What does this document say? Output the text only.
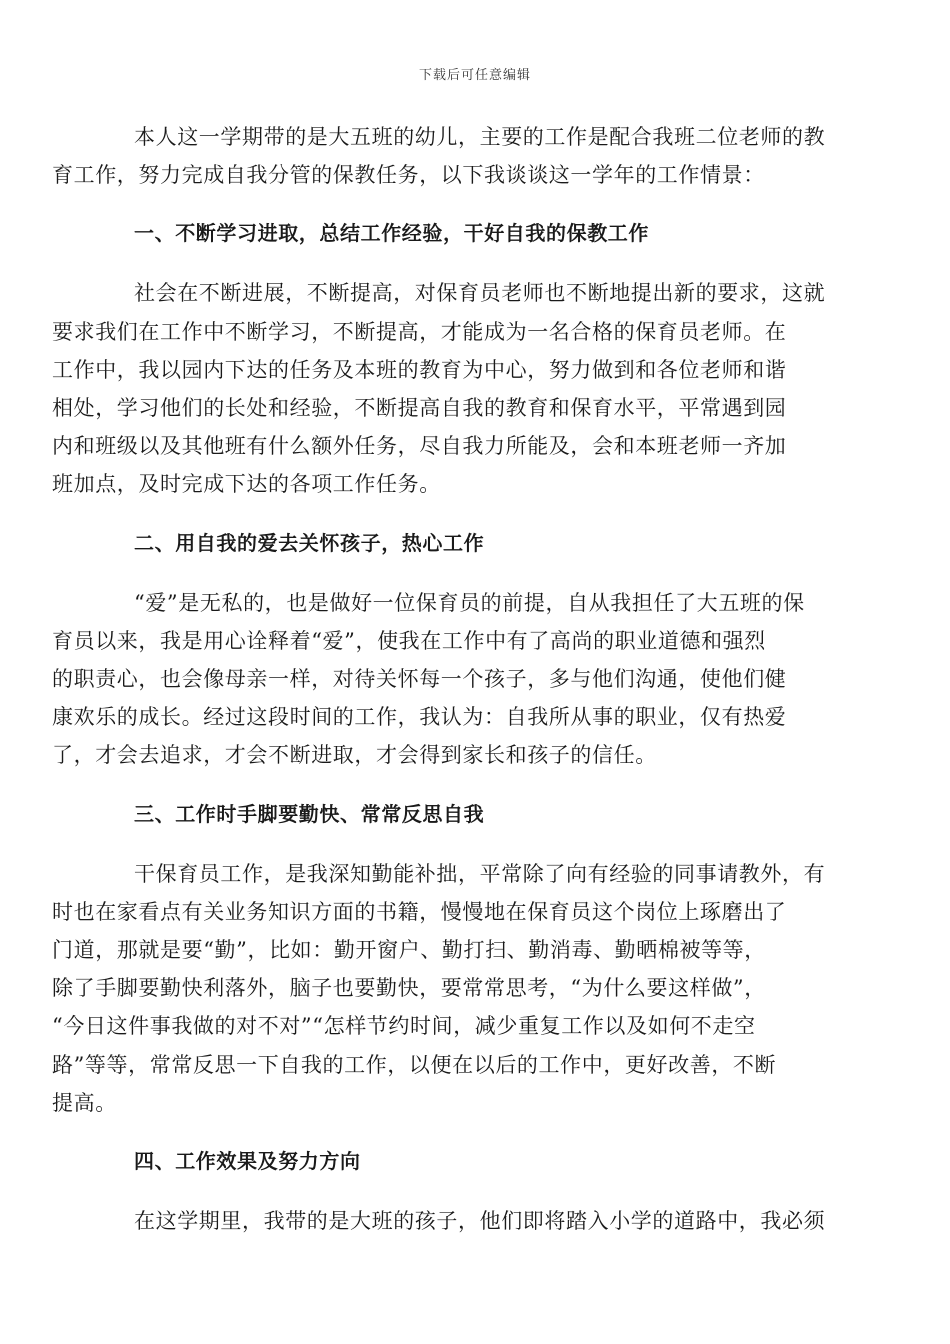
下载后可任意编辑

本人这一学期带的是大五班的幼儿，主要的工作是配合我班二位老师的教
育工作，努力完成自我分管的保教任务，以下我谈谈这一学年的工作情景：

一、不断学习进取，总结工作经验，干好自我的保教工作

社会在不断进展，不断提高，对保育员老师也不断地提出新的要求，这就
要求我们在工作中不断学习，不断提高，才能成为一名合格的保育员老师。在
工作中，我以园内下达的任务及本班的教育为中心，努力做到和各位老师和谐
相处，学习他们的长处和经验，不断提高自我的教育和保育水平，平常遇到园
内和班级以及其他班有什么额外任务，尽自我力所能及，会和本班老师一齐加
班加点，及时完成下达的各项工作任务。

二、用自我的爱去关怀孩子，热心工作

“爱”是无私的，也是做好一位保育员的前提，自从我担任了大五班的保
育员以来，我是用心诠释着“爱”，使我在工作中有了高尚的职业道德和强烈
的职责心，也会像母亲一样，对待关怀每一个孩子，多与他们沟通，使他们健
康欢乐的成长。经过这段时间的工作，我认为：自我所从事的职业，仅有热爱
了，才会去追求，才会不断进取，才会得到家长和孩子的信任。

三、工作时手脚要勤快、常常反思自我

干保育员工作，是我深知勤能补拙，平常除了向有经验的同事请教外，有
时也在家看点有关业务知识方面的书籍，慢慢地在保育员这个岗位上琢磨出了
门道，那就是要“勤”，比如：勤开窗户、勤打扫、勤消毒、勤晒棉被等等，
除了手脚要勤快利落外，脑子也要勤快，要常常思考，“为什么要这样做”，
“今日这件事我做的对不对”“怎样节约时间，减少重复工作以及如何不走空
路”等等，常常反思一下自我的工作，以便在以后的工作中，更好改善，不断
提高。

四、工作效果及努力方向

在这学期里，我带的是大班的孩子，他们即将踏入小学的道路中，我必须
